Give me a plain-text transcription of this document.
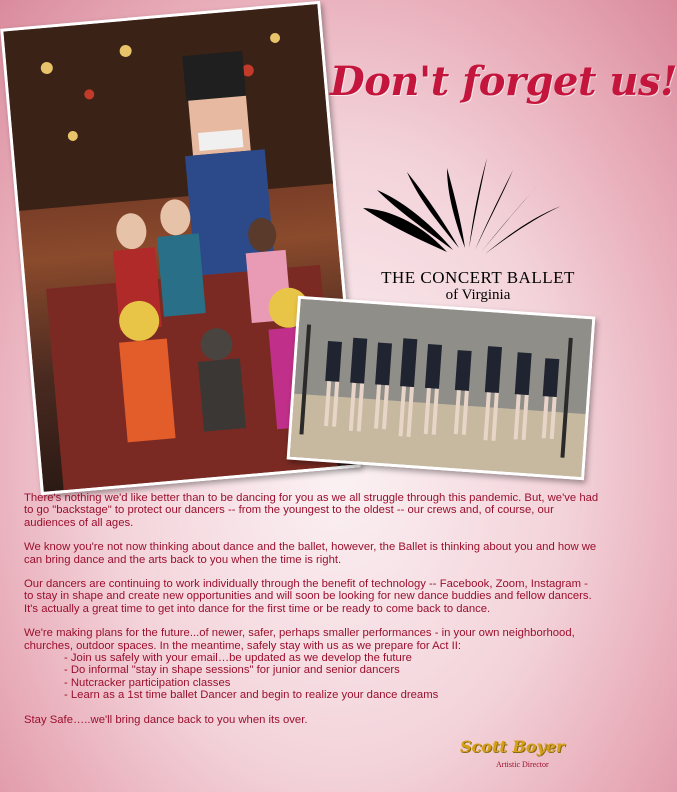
Don't forget us!
THE CONCERT BALLET
of Virginia

There's nothing we'd like better than to be dancing for you as we all struggle through this pandemic. But, we've had to go "backstage" to protect our dancers -- from the youngest to the oldest -- our crews and, of course, our audiences of all ages.

We know you're not now thinking about dance and the ballet, however, the Ballet is thinking about you and how we can bring dance and the arts back to you when the time is right.

Our dancers are continuing to work individually through the benefit of technology -- Facebook, Zoom, Instagram - to stay in shape and create new opportunities and will soon be looking for new dance buddies and fellow dancers. It's actually a great time to get into dance for the first time or be ready to come back to dance.

We're making plans for the future...of newer, safer, perhaps smaller performances - in your own neighborhood, churches, outdoor spaces. In the meantime, safely stay with us as we prepare for Act II:

- Join us safely with your email…be updated as we develop the future
- Do informal "stay in shape sessions" for junior and senior dancers
- Nutcracker participation classes
- Learn as a 1st time ballet Dancer and begin to realize your dance dreams

Stay Safe…..we'll bring dance back to you when its over.

Scott Boyer
Artistic Director
